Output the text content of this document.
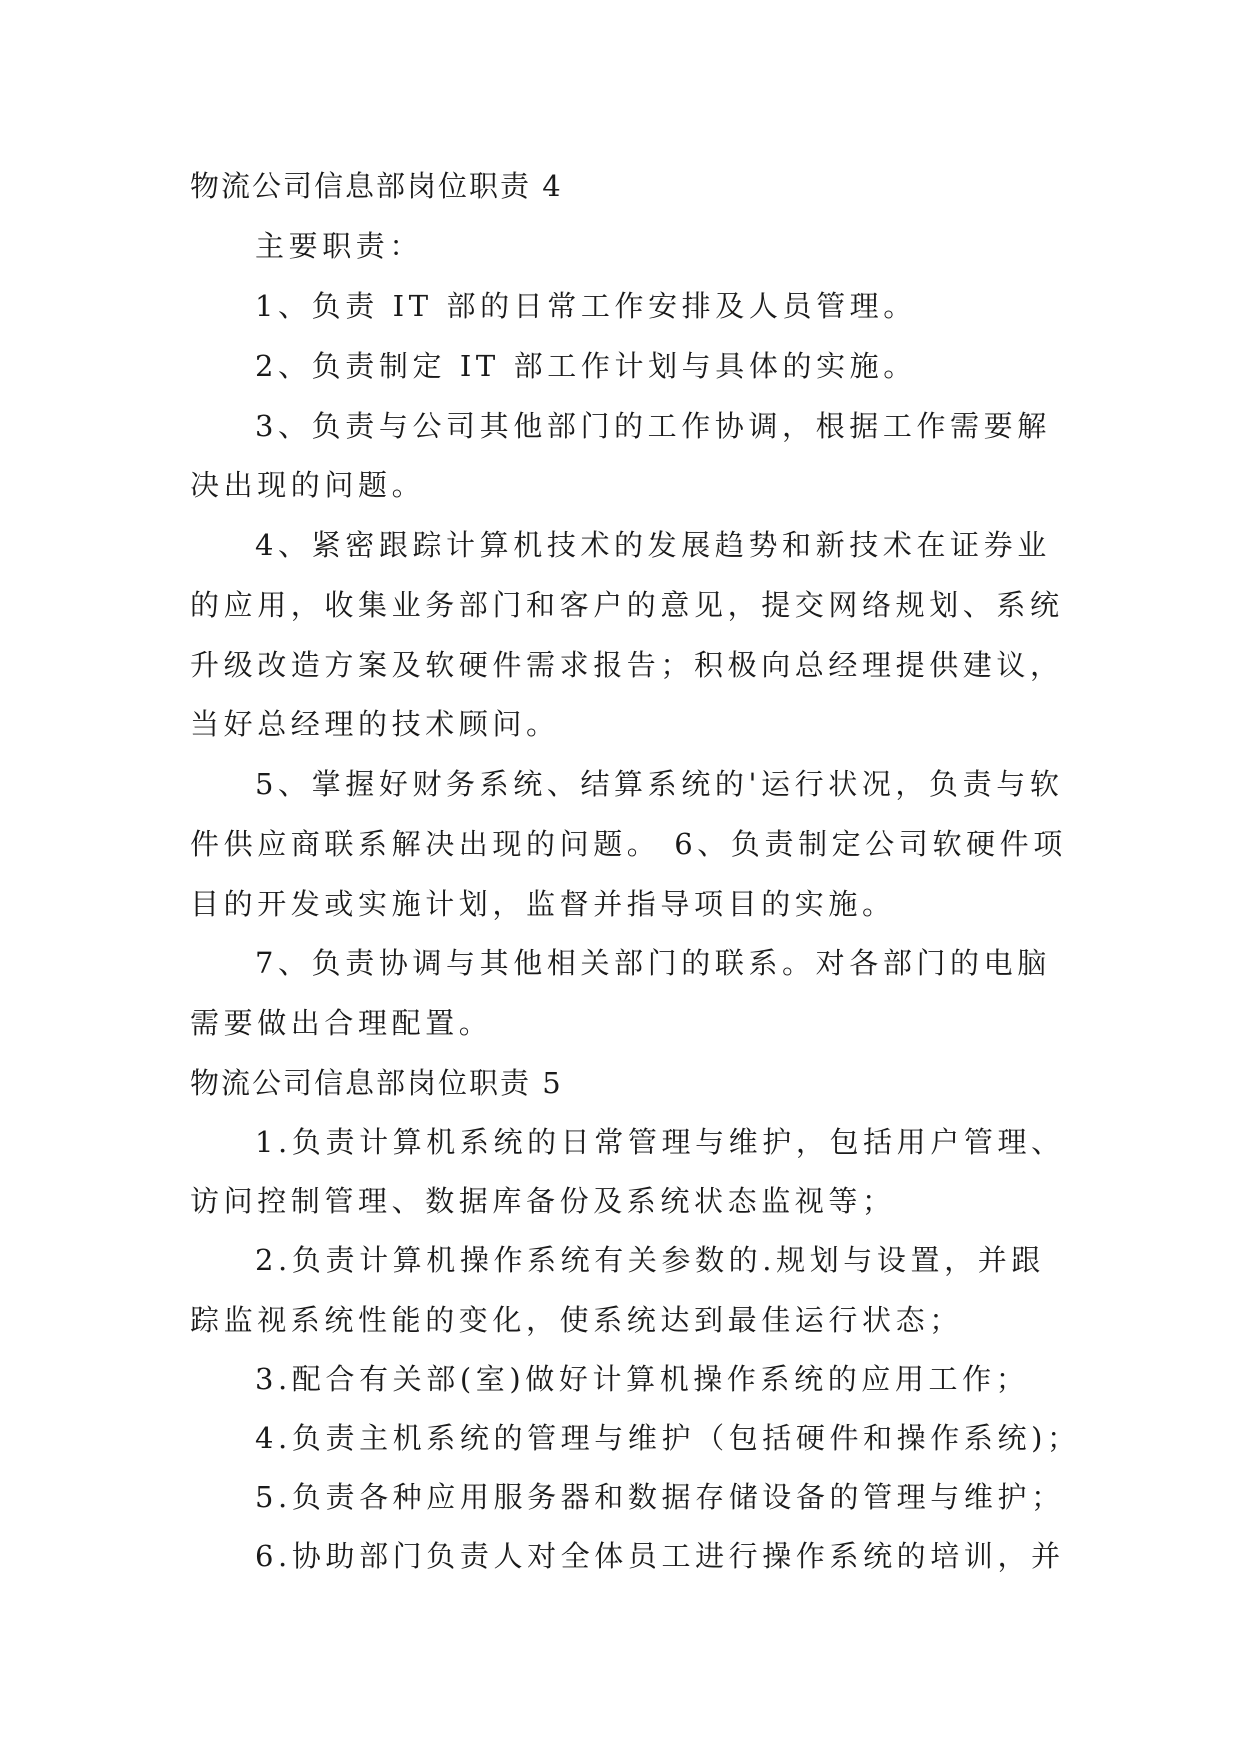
物流公司信息部岗位职责 4
主要职责：
1、负责 IT 部的日常工作安排及人员管理。
2、负责制定 IT 部工作计划与具体的实施。
3、负责与公司其他部门的工作协调，根据工作需要解
决出现的问题。
4、紧密跟踪计算机技术的发展趋势和新技术在证券业
的应用，收集业务部门和客户的意见，提交网络规划、系统
升级改造方案及软硬件需求报告；积极向总经理提供建议，
当好总经理的技术顾问。
5、掌握好财务系统、结算系统的'运行状况，负责与软
件供应商联系解决出现的问题。 6、负责制定公司软硬件项
目的开发或实施计划，监督并指导项目的实施。
7、负责协调与其他相关部门的联系。对各部门的电脑
需要做出合理配置。
物流公司信息部岗位职责 5
1.负责计算机系统的日常管理与维护，包括用户管理、
访问控制管理、数据库备份及系统状态监视等；
2.负责计算机操作系统有关参数的.规划与设置，并跟
踪监视系统性能的变化，使系统达到最佳运行状态；
3.配合有关部(室)做好计算机操作系统的应用工作；
4.负责主机系统的管理与维护（包括硬件和操作系统)；
5.负责各种应用服务器和数据存储设备的管理与维护；
6.协助部门负责人对全体员工进行操作系统的培训，并
